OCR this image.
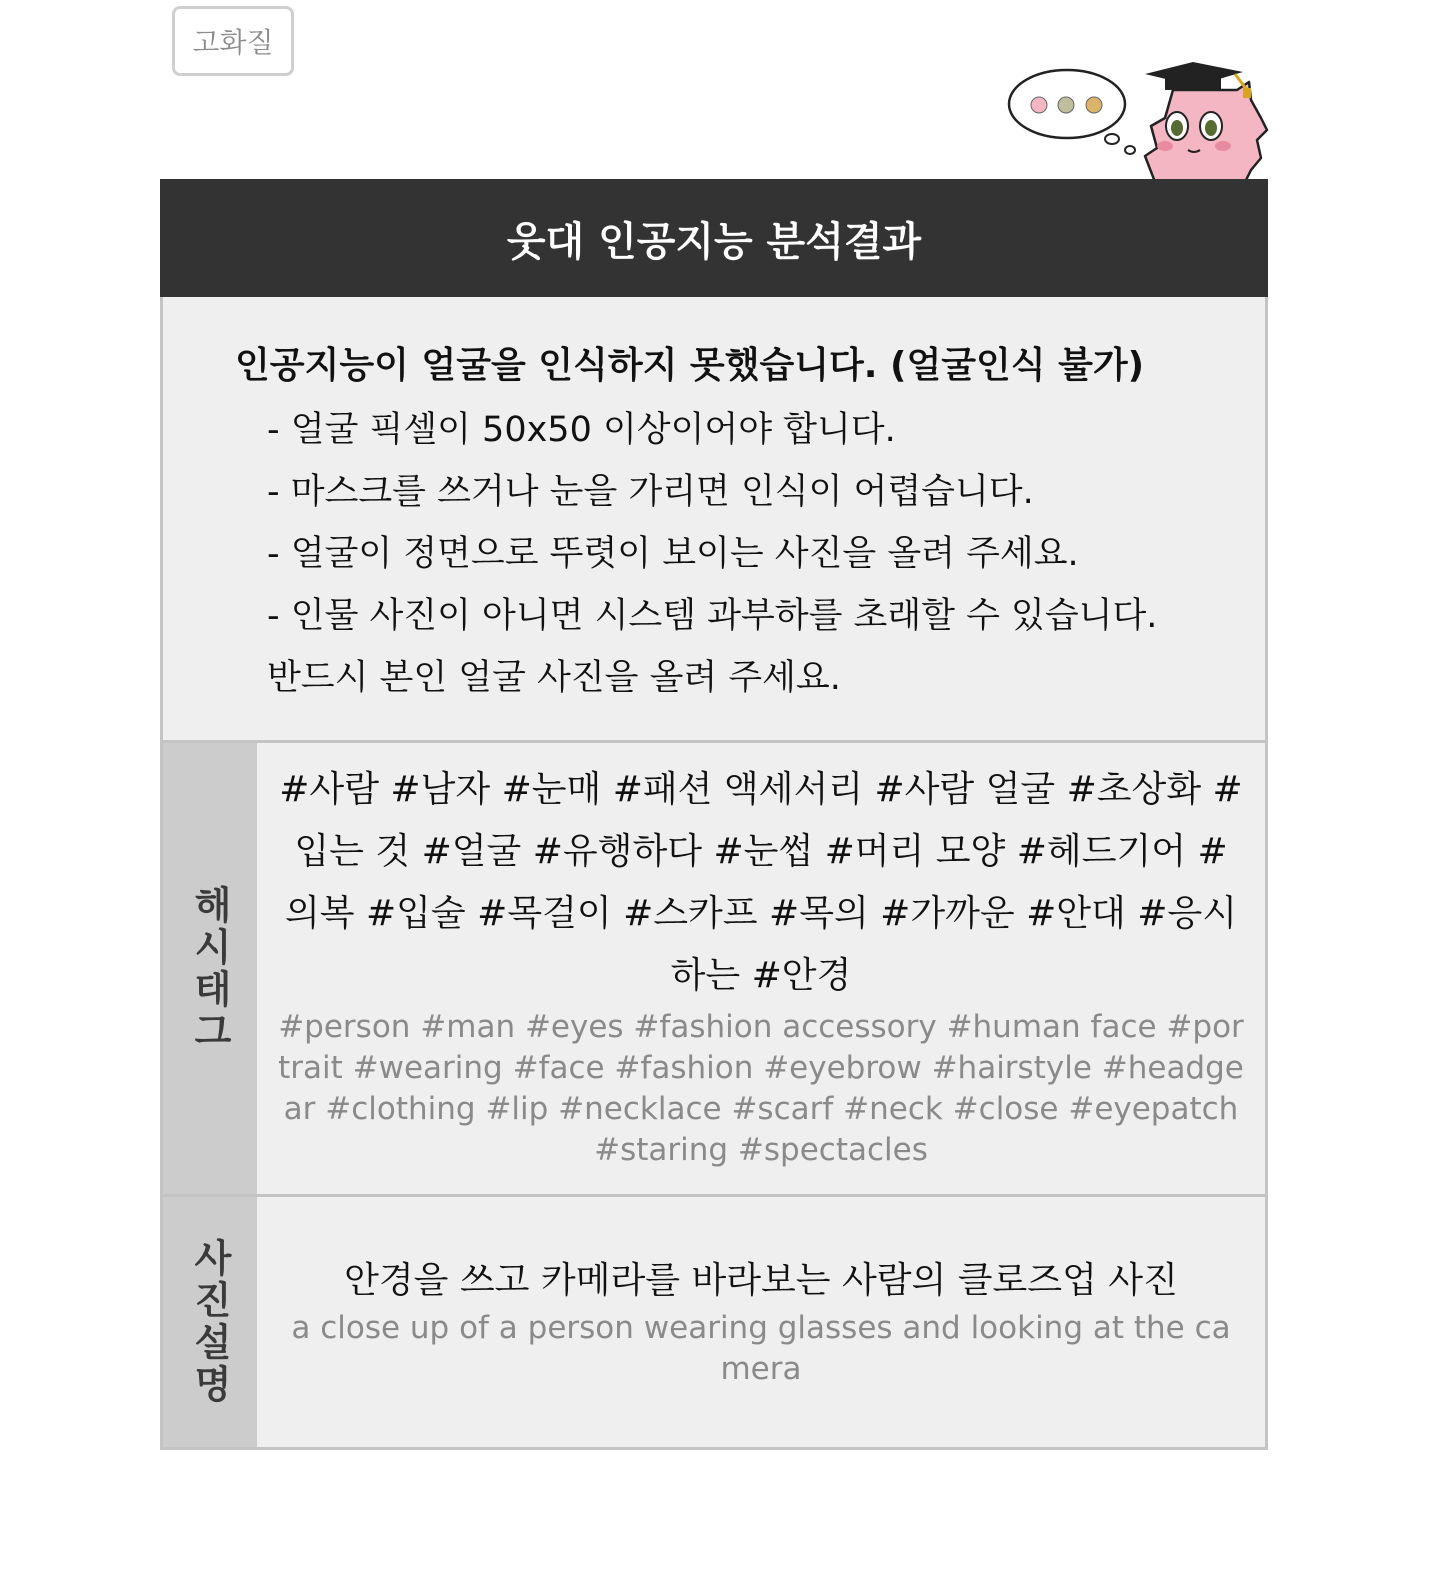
고화질
웃대 인공지능 분석결과
인공지능이 얼굴을 인식하지 못했습니다. (얼굴인식 불가)
- 얼굴 픽셀이 50x50 이상이어야 합니다.
- 마스크를 쓰거나 눈을 가리면 인식이 어렵습니다.
- 얼굴이 정면으로 뚜렷이 보이는 사진을 올려 주세요.
- 인물 사진이 아니면 시스템 과부하를 초래할 수 있습니다.
반드시 본인 얼굴 사진을 올려 주세요.
해시태그
#사람 #남자 #눈매 #패션 액세서리 #사람 얼굴 #초상화 #입는 것 #얼굴 #유행하다 #눈썹 #머리 모양 #헤드기어 #의복 #입술 #목걸이 #스카프 #목의 #가까운 #안대 #응시하는 #안경
#person #man #eyes #fashion accessory #human face #portrait #wearing #face #fashion #eyebrow #hairstyle #headgear #clothing #lip #necklace #scarf #neck #close #eyepatch #staring #spectacles
사진설명	안경을 쓰고 카메라를 바라보는 사람의 클로즈업 사진
a close up of a person wearing glasses and looking at the camera
